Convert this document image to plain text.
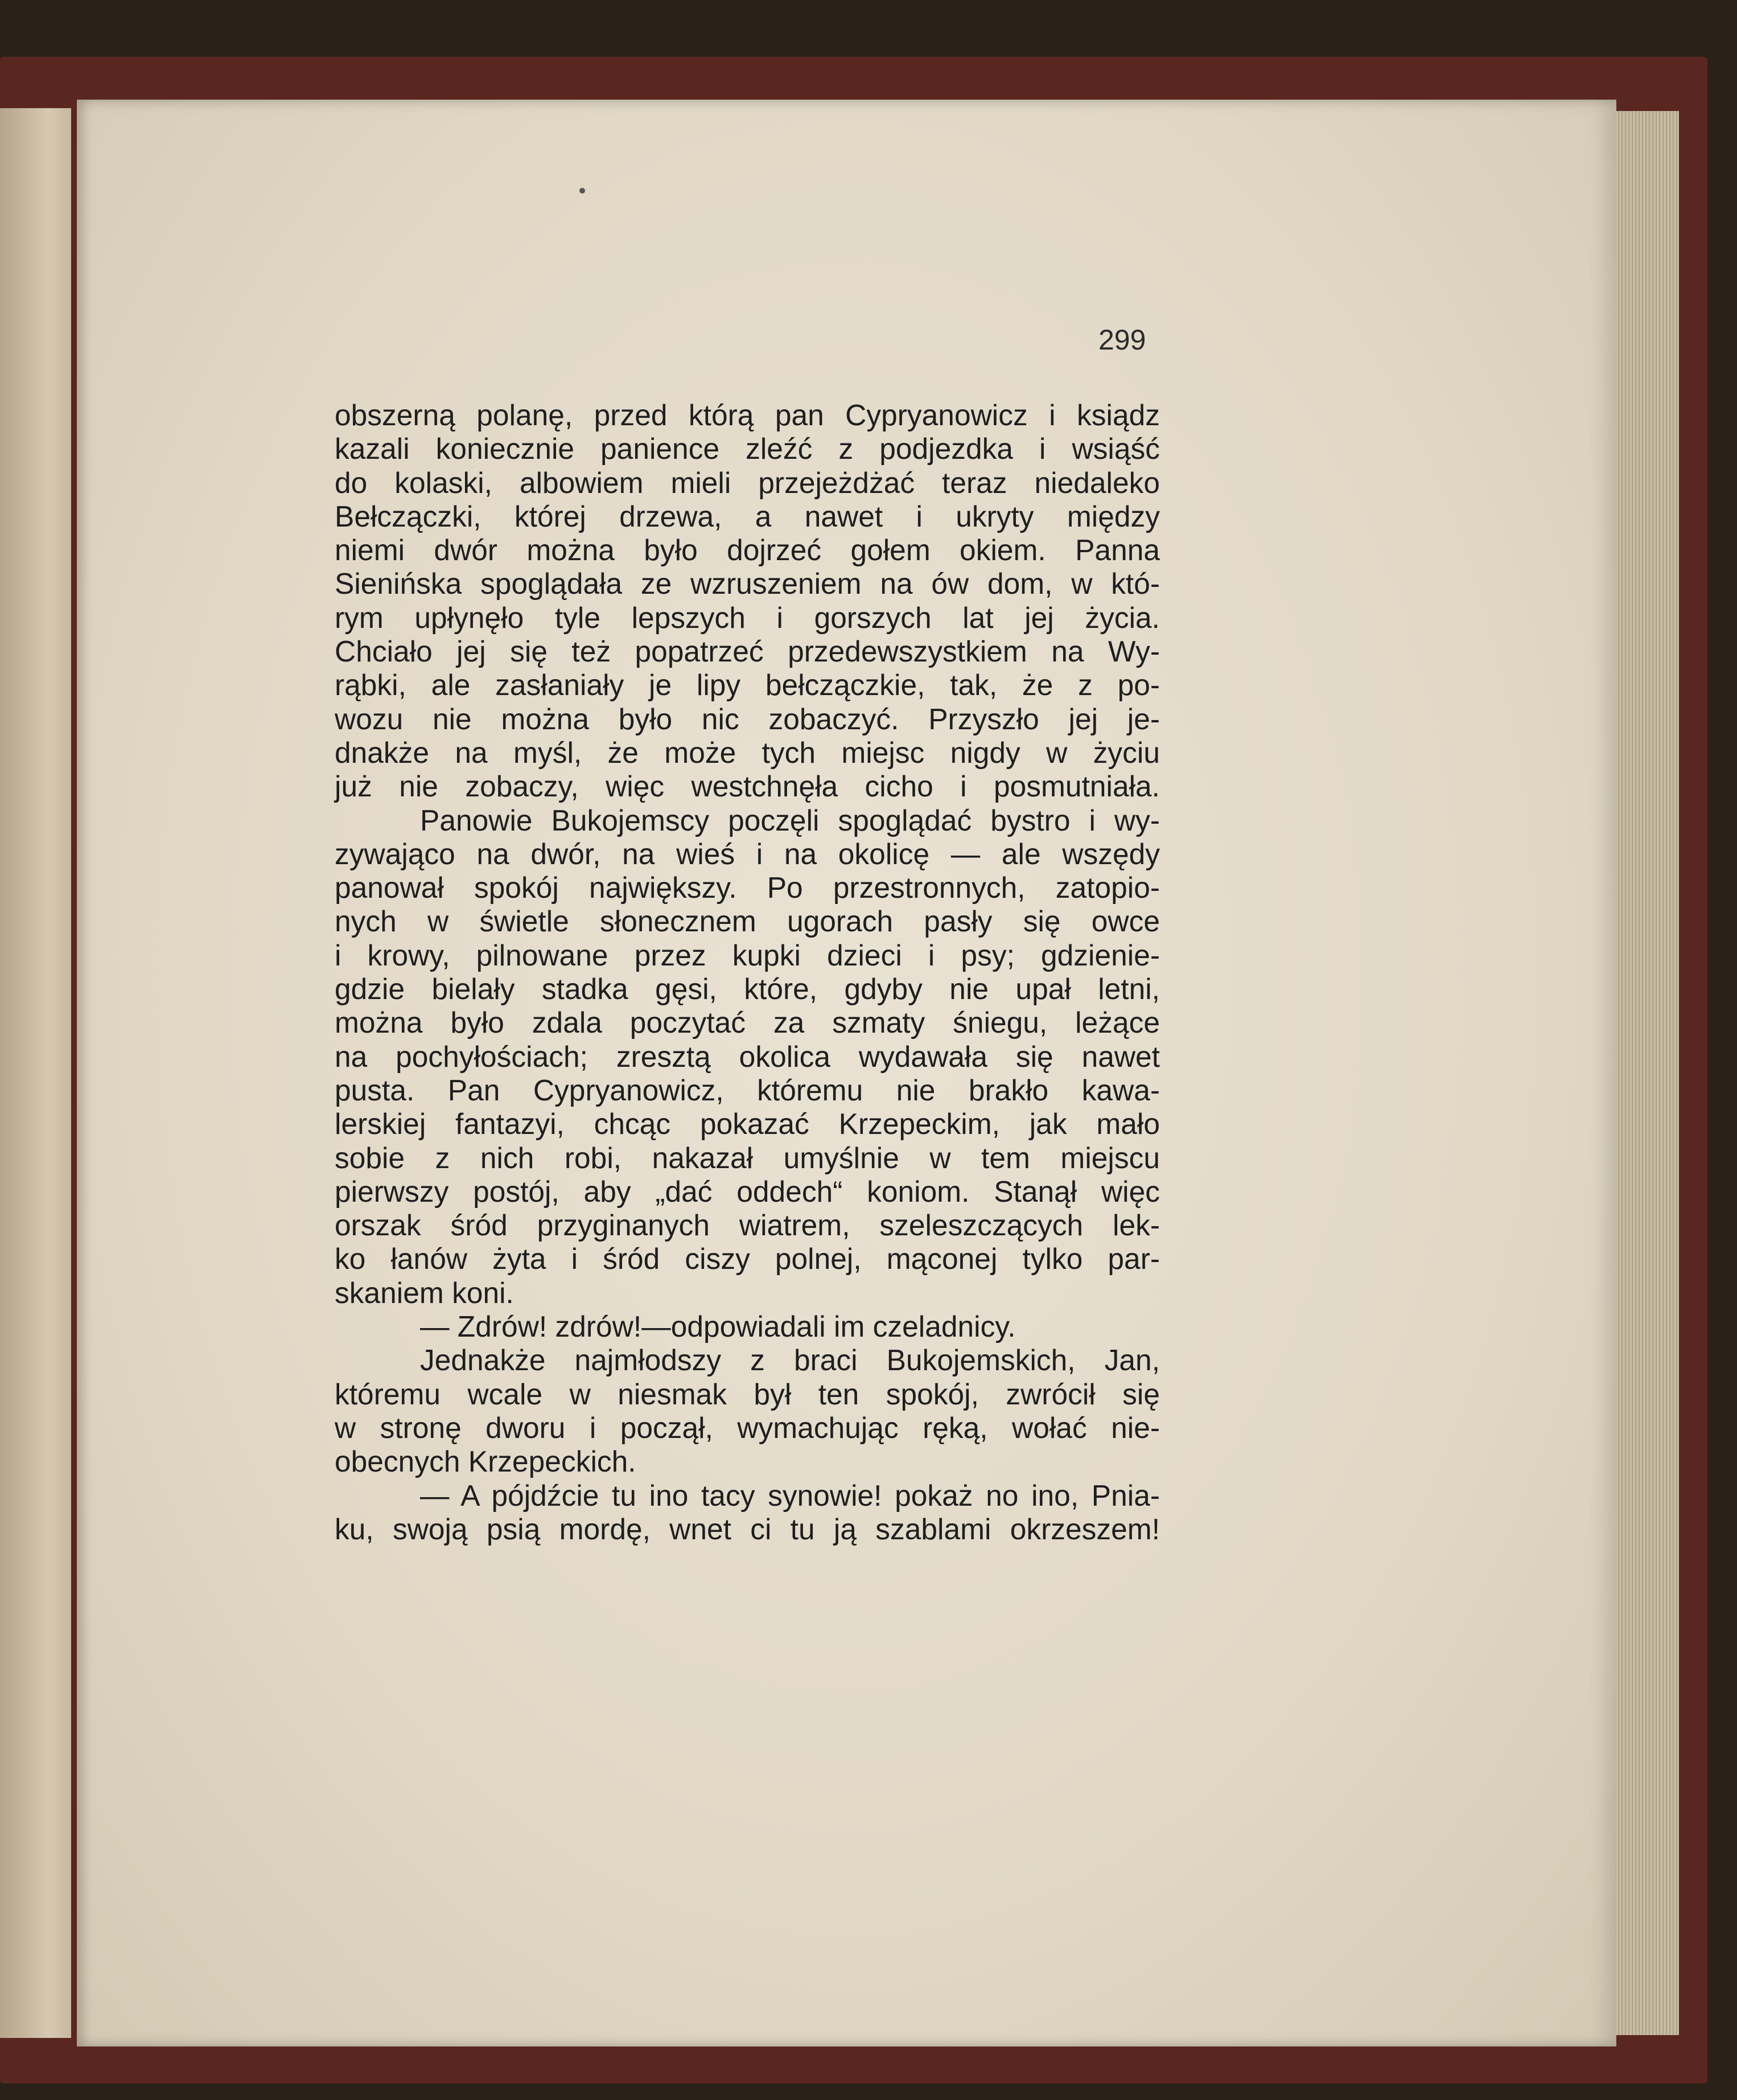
299
obszerną polanę, przed którą pan Cypryanowicz i ksiądz
kazali koniecznie panience zleźć z podjezdka i wsiąść
do kolaski, albowiem mieli przejeżdżać teraz niedaleko
Bełczączki, której drzewa, a nawet i ukryty między
niemi dwór można było dojrzeć gołem okiem. Panna
Sienińska spoglądała ze wzruszeniem na ów dom, w któ-
rym upłynęło tyle lepszych i gorszych lat jej życia.
Chciało jej się też popatrzeć przedewszystkiem na Wy-
rąbki, ale zasłaniały je lipy bełczączkie, tak, że z po-
wozu nie można było nic zobaczyć. Przyszło jej je-
dnakże na myśl, że może tych miejsc nigdy w życiu
już nie zobaczy, więc westchnęła cicho i posmutniała.
Panowie Bukojemscy poczęli spoglądać bystro i wy-
zywająco na dwór, na wieś i na okolicę — ale wszędy
panował spokój największy. Po przestronnych, zatopio-
nych w świetle słonecznem ugorach pasły się owce
i krowy, pilnowane przez kupki dzieci i psy; gdzienie-
gdzie bielały stadka gęsi, które, gdyby nie upał letni,
można było zdala poczytać za szmaty śniegu, leżące
na pochyłościach; zresztą okolica wydawała się nawet
pusta. Pan Cypryanowicz, któremu nie brakło kawa-
lerskiej fantazyi, chcąc pokazać Krzepeckim, jak mało
sobie z nich robi, nakazał umyślnie w tem miejscu
pierwszy postój, aby „dać oddech“ koniom. Stanął więc
orszak śród przyginanych wiatrem, szeleszczących lek-
ko łanów żyta i śród ciszy polnej, mąconej tylko par-
skaniem koni.
— Zdrów! zdrów!—odpowiadali im czeladnicy.
Jednakże najmłodszy z braci Bukojemskich, Jan,
któremu wcale w niesmak był ten spokój, zwrócił się
w stronę dworu i począł, wymachując ręką, wołać nie-
obecnych Krzepeckich.
— A pójdźcie tu ino tacy synowie! pokaż no ino, Pnia-
ku, swoją psią mordę, wnet ci tu ją szablami okrzeszem!
